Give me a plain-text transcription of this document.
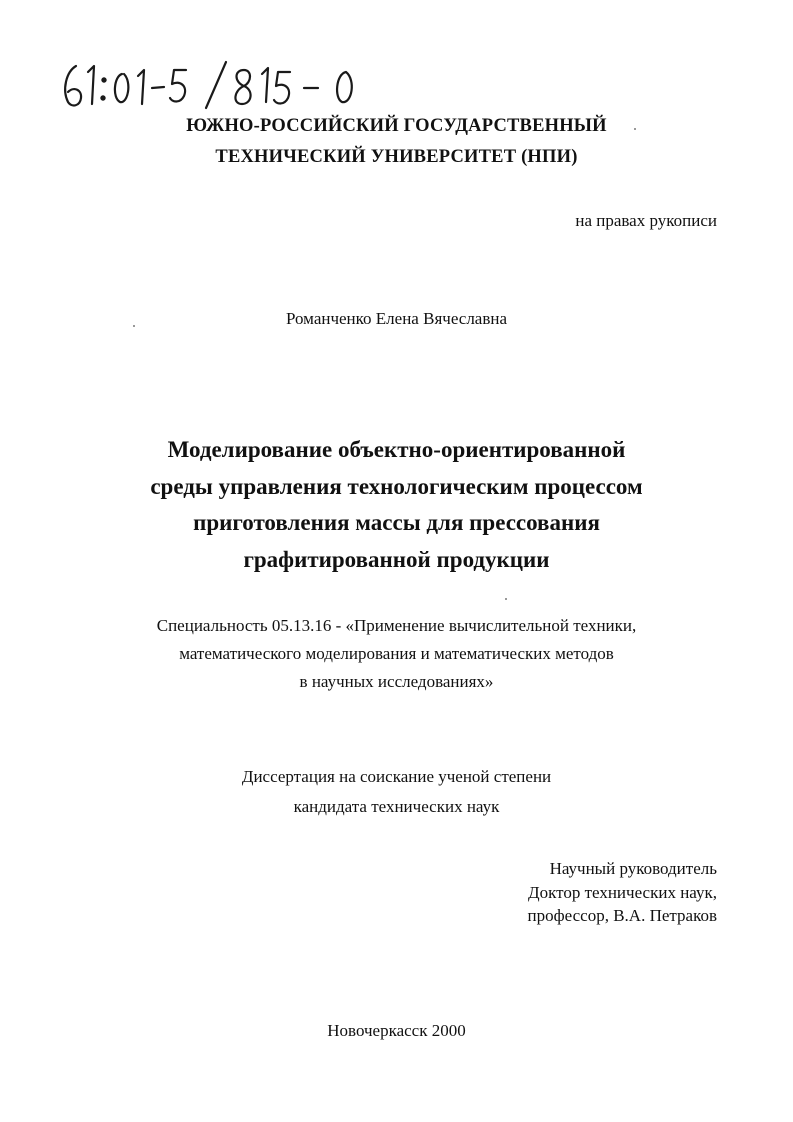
ЮЖНО-РОССИЙСКИЙ ГОСУДАРСТВЕННЫЙ
ТЕХНИЧЕСКИЙ УНИВЕРСИТЕТ (НПИ)
на правах рукописи
Романченко Елена Вячеславна
Моделирование объектно-ориентированной
среды управления технологическим процессом
приготовления массы для прессования
графитированной продукции
Специальность 05.13.16 - «Применение вычислительной техники,
математического моделирования и математических методов
в научных исследованиях»
Диссертация на соискание ученой степени
кандидата технических наук
Научный руководитель
Доктор технических наук,
профессор, В.А. Петраков
Новочеркасск 2000
